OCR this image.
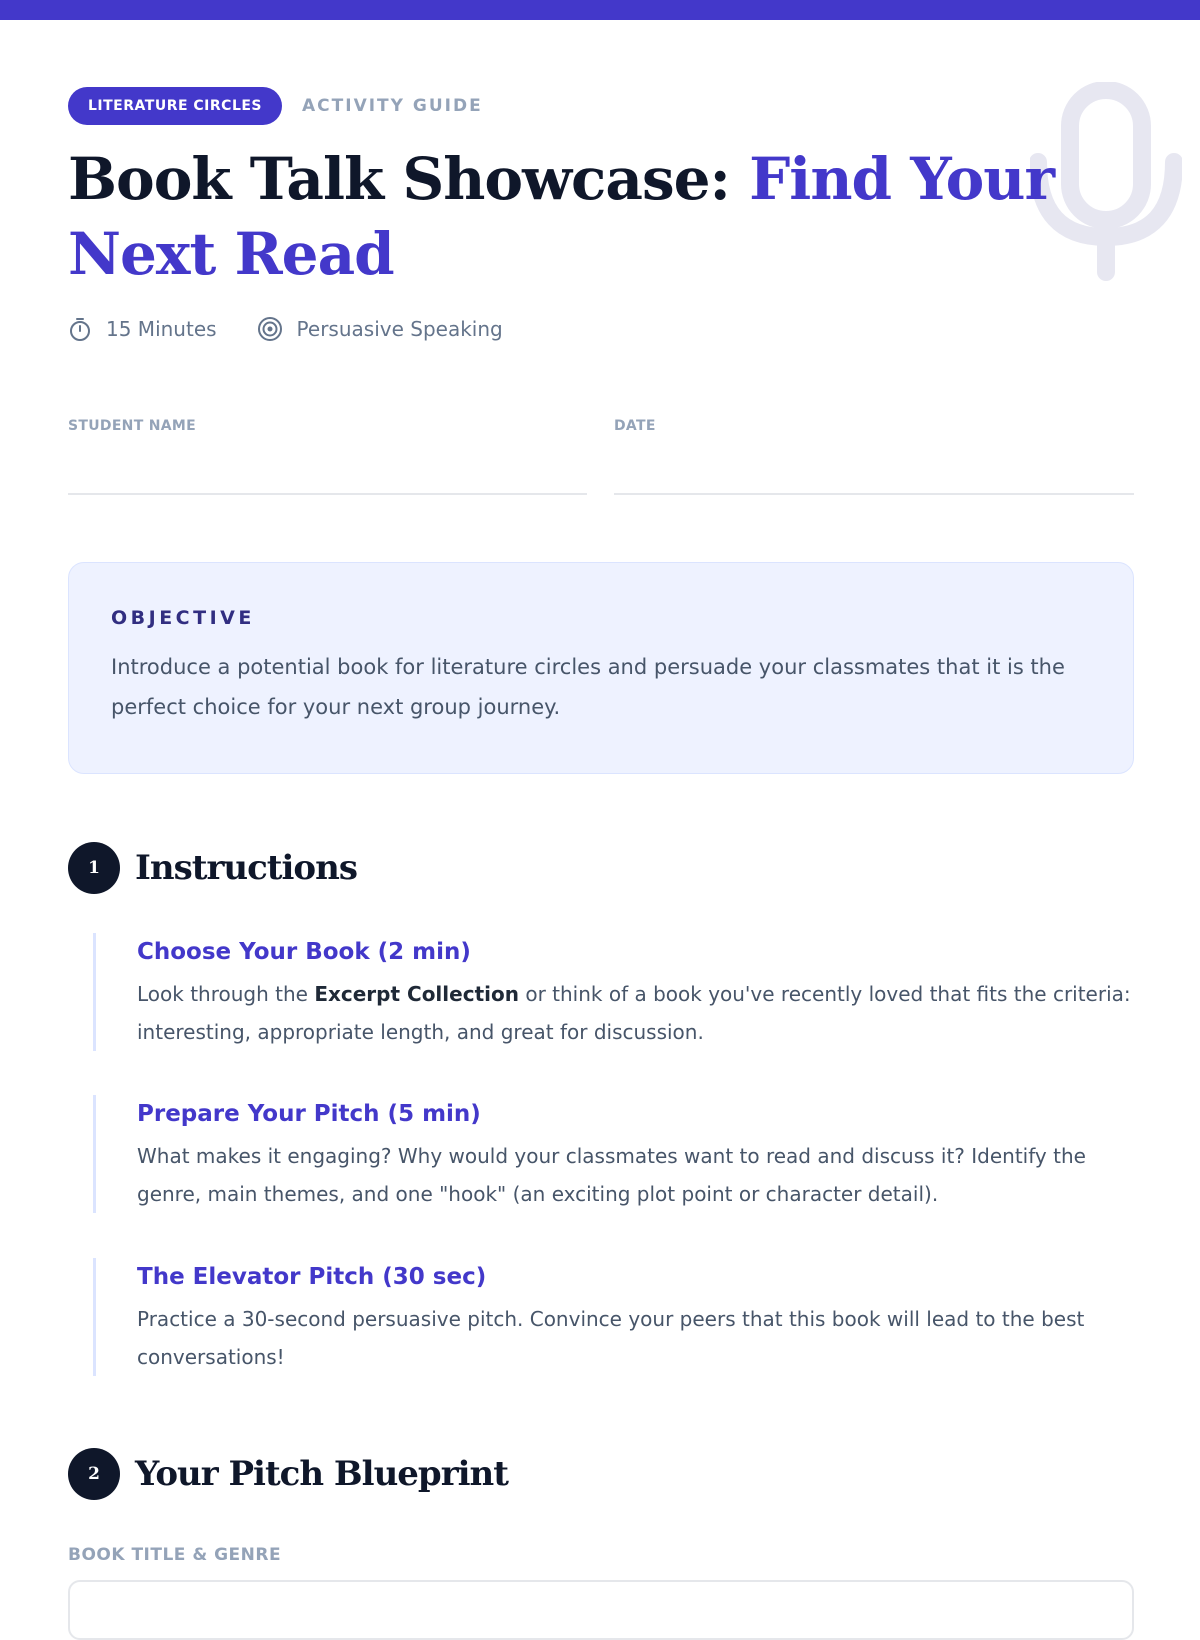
LITERATURE CIRCLES	ACTIVITY GUIDE
Book Talk Showcase: Find Your Next Read
15 Minutes	Persuasive Speaking
STUDENT NAME	DATE
OBJECTIVE

Introduce a potential book for literature circles and persuade your classmates that it is the perfect choice for your next group journey.

1	Instructions
Choose Your Book (2 min)

Look through the Excerpt Collection or think of a book you've recently loved that fits the criteria: interesting, appropriate length, and great for discussion.

Prepare Your Pitch (5 min)

What makes it engaging? Why would your classmates want to read and discuss it? Identify the genre, main themes, and one "hook" (an exciting plot point or character detail).

The Elevator Pitch (30 sec)

Practice a 30-second persuasive pitch. Convince your peers that this book will lead to the best conversations!

2	Your Pitch Blueprint
BOOK TITLE & GENRE
